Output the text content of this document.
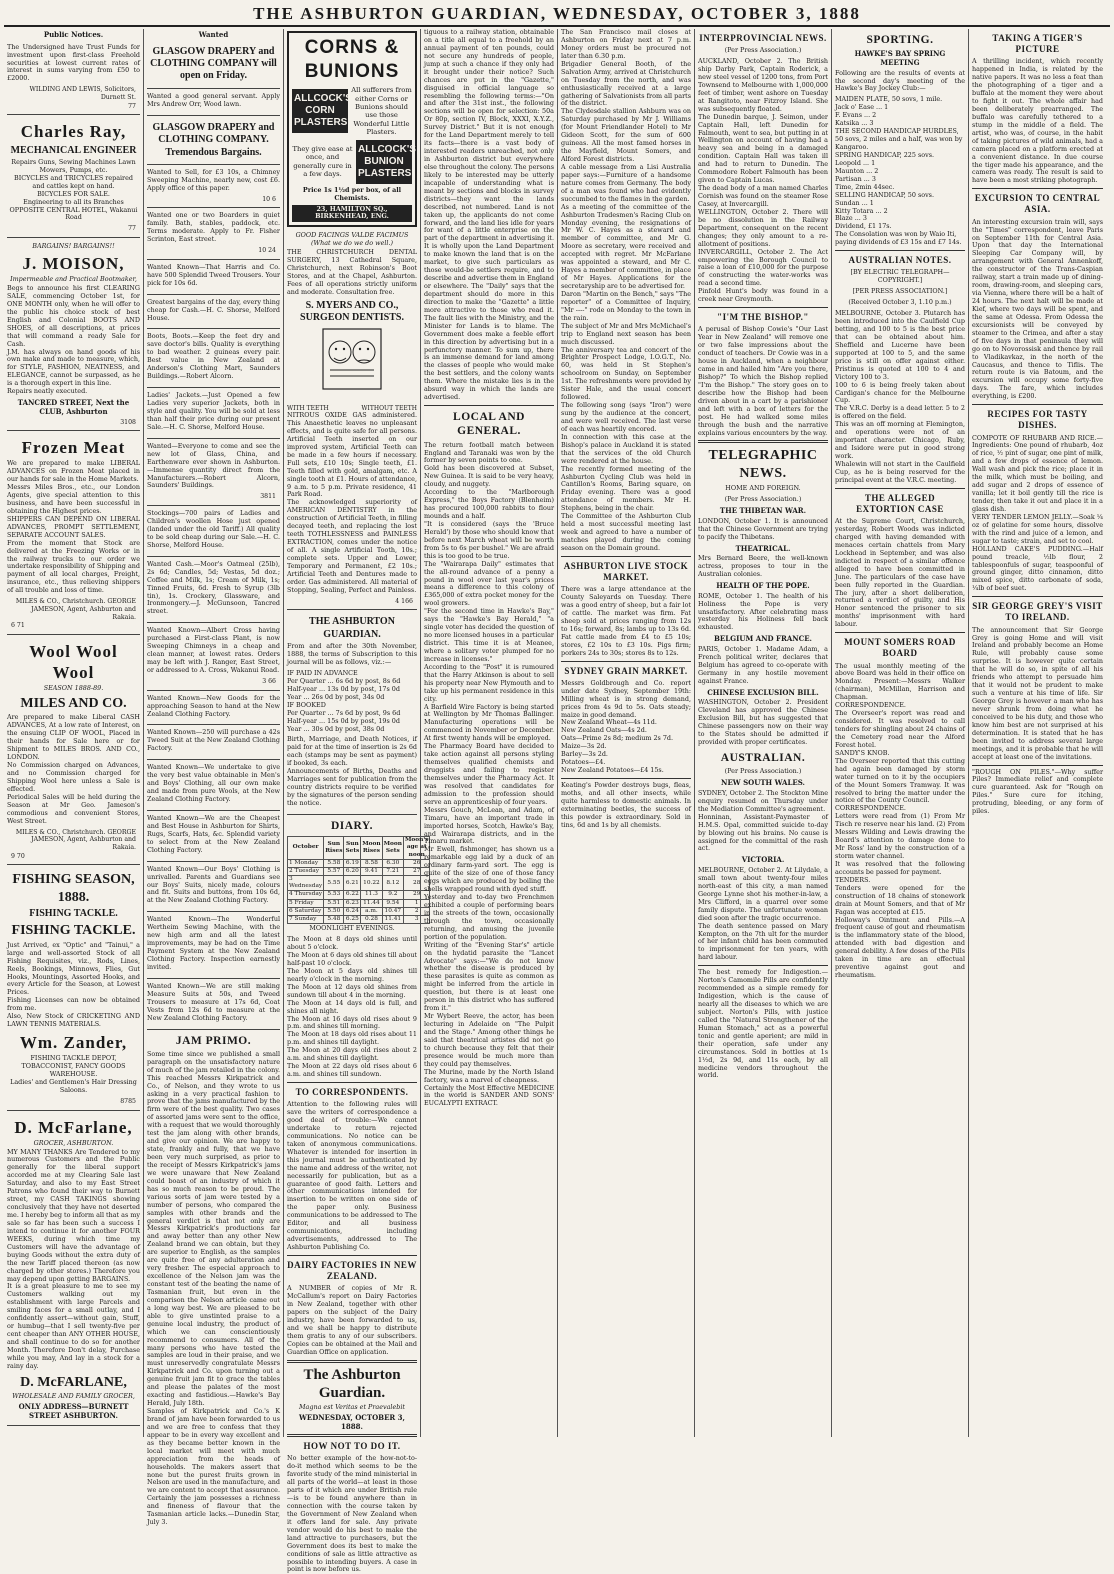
THE ASHBURTON GUARDIAN, WEDNESDAY, OCTOBER 3, 1888
Public Notices.
The Undersigned have Trust Funds for investment upon first-class Freehold securities at lowest current rates of interest in sums varying from £50 to £2000.
WILDING AND LEWIS, Solicitors, Durnett St.
77
Charles Ray,
MECHANICAL ENGINEER
Repairs Guns, Sewing Machines Lawn Mowers, Pumps, etc.
BICYCLES and TRICYCLES repaired and cattles kept on hand.
BICYCLES FOR SALE.
Engineering to all its Branches
OPPOSITE CENTRAL HOTEL, Wakanui Road
77
BARGAINS! BARGAINS!!
J. MOISON,
Impermeable and Practical Bootmaker,
Begs to announce his first CLEARING SALE, commencing October 1st, for ONE MONTH only, when he will offer to the public his choice stock of best English and Colonial BOOTS AND SHOES, of all descriptions, at prices that will command a ready Sale for Cash.
J.M. has always on hand goods of his own make and made to measure, which, for STYLE, FASHION, NEATNESS, and ELEGANCE, cannot be surpassed, as he is a thorough expert in this line.
Repairs neatly executed.
TANCRED STREET, Next the CLUB, Ashburton
3108
Frozen Meat
We are prepared to make LIBERAL ADVANCES on Frozen Meat placed in our hands for sale in the Home Markets.
Messrs Miles Bros., etc., our London Agents, give special attention to this business, and have been successful in obtaining the Highest prices.
SHIPPERS CAN DEPEND ON LIBERAL ADVANCES, PROMPT SETTLEMENT, SEPARATE ACCOUNT SALES.
From the moment that Stock are delivered at the Freezing Works or in the railway trucks to our order we undertake responsibility of Shipping and payment of all local charges, Freight, insurance, etc., thus relieving shippers of all trouble and loss of time.
MILES & CO., Christchurch. GEORGE JAMESON, Agent, Ashburton and Rakaia.
6 71
Wool Wool Wool
SEASON 1888-89.
MILES AND CO.
Are prepared to make Liberal CASH ADVANCES, At a low rate of Interest, on the ensuing CLIP OF WOOL, Placed in their hands for Sale here or for Shipment to MILES BROS. AND CO., LONDON.
No Commission charged on Advances, and no Commission charged for Shipping Wool here unless a Sale is effected.
Periodical Sales will be held during the Season at Mr Geo. Jameson's commodious and convenient Stores, West Street.
MILES & CO., Christchurch. GEORGE JAMESON, Agent, Ashburton and Rakaia.
9 70
FISHING SEASON, 1888.
FISHING TACKLE.
FISHING TACKLE.
Just Arrived, ex "Optic" and "Tainui," a large and well-assorted Stock of all Fishing Requisites, viz., Rods, Lines, Reels, Bookings, Minnows, Flies, Gut Hooks, Mountings, Assorted Hooks, and every Article for the Season, at Lowest Prices.
Fishing Licenses can now be obtained from me.
Also, New Stock of CRICKETING AND LAWN TENNIS MATERIALS.
Wm. Zander,
FISHING TACKLE DEPOT, TOBACCONIST, FANCY GOODS WAREHOUSE.
Ladies' and Gentlemen's Hair Dressing Saloons.
8785
D. McFarlane,
GROCER, ASHBURTON.
MY MANY THANKS Are Tendered to my numerous Customers and the Public generally for the liberal support accorded me at my Clearing Sale last Saturday, and also to my East Street Patrons who found their way to Burnett street, my CASH TAKINGS showing conclusively that they have not deserted me. I hereby beg to inform all that as my sale so far has been such a success I intend to continue it for another FOUR WEEKS, during which time my Customers will have the advantage of buying Goods without the extra duty of the new Tariff placed thereon (as now charged by other stores.) Therefore you may depend upon getting BARGAINS.
It is a great pleasure to me to see my Customers walking out my establishment with large Parcels and smiling faces for a small outlay, and I confidently assert—without gain, Stuff, or humbug—that I sell twenty-five per cent cheaper than ANY OTHER HOUSE, and shall continue to do so for another Month. Therefore Don't delay, Purchase while you may, And lay in a stock for a rainy day.
D. McFARLANE,
WHOLESALE AND FAMILY GROCER,
ONLY ADDRESS—BURNETT STREET ASHBURTON.
Wanted
GLASGOW DRAPERY and CLOTHING COMPANY will open on Friday.
Wanted a good general servant. Apply Mrs Andrew Orr, Wood lawn.
GLASGOW DRAPERY and CLOTHING COMPANY. Tremendous Bargains.
Wanted to Sell, for £3 10s, a Chimney Sweeping Machine, nearly new, cost £6. Apply office of this paper.
10 6
Wanted one or two Boarders in quiet family. Bath, stables, paddock, etc. Terms moderate. Apply to Fr. Fisher Scrinton, East street.
10 24
Wanted Known—That Harris and Co. have 500 Splendid Tweed Trousers. Your pick for 10s 6d.
Greatest bargains of the day, every thing cheap for Cash.—H. C. Shorse, Melford House.
Boots, Boots.—Keep the feet dry and save doctor's bills. Quality is everything to bad weather. 2 guineas every pair. Best value in New Zealand at Anderson's Clothing Mart, Saunders Buildings.—Robert Alcorn.
Ladies' Jackets.—Just Opened a few Ladies very superior Jackets, both in style and quality. You will be sold at less than half their price during our present Sale.—H. C. Shorse, Melford House.
Wanted—Everyone to come and see the new lot of Glass, China, and Earthenware ever shown in Ashburton.—Immense quantity direct from the Manufacturers.—Robert Alcorn, Saunders' Buildings.
3811
Stockings—700 pairs of Ladies and Children's woollen Hose just opened (landed under the old Tariff.) All quality to be sold cheap during our Sale.—H. C. Shorse, Melford House.
Wanted Cash.—Moor's Oatmeal (25lb), 2s 6d; Candles, 5d; Vestas, 5d doz.; Coffee and Milk, 1s; Cream of Milk, 1s; Tinned Fruits, 6d. Fresh to Syrup (3lb tin), 1s. Crockery, Glassware, and Ironmongery.—J. McGunsoon, Tancred street.
Wanted Known—Albert Cross having purchased a First-class Plant, is now Sweeping Chimneys in a cheap and clean manner, at lowest rates. Orders may be left with J. Ranger, East Street, or addressed to A. Cross, Wakanui Road.
3 66
Wanted Known—New Goods for the approaching Season to hand at the New Zealand Clothing Factory.
Wanted Known—250 will purchase a 42s Tweed Suit at the New Zealand Clothing Factory.
Wanted Known—We undertake to give the very best value obtainable in Men's and Boys' Clothing, all our own make and made from pure Wools, at the New Zealand Clothing Factory.
Wanted Known—We are the Cheapest and Best House in Ashburton for Shirts, Rugs, Scarfs, Hats, &c. Splendid variety to select from at the New Zealand Clothing Factory.
Wanted Known—Our Boys' Clothing is unrivalled. Parents and Guardians see our Boys' Suits, nicely made, colours and fit. Suits and buttons, from 10s 6d, at the New Zealand Clothing Factory.
Wanted Known—The Wonderful Wertheim Sewing Machine, with the new high arm and all the latest improvements, may be had on the Time Payment System at the New Zealand Clothing Factory. Inspection earnestly invited.
Wanted Known—We are still making Measure Suits at 50s, and Tweed Trousers to measure at 17s 6d, Coat Vests from 12s 6d to measure at the New Zealand Clothing Factory.
JAM PRIMO.
Some time since we published a small paragraph on the unsatisfactory nature of much of the jam retailed in the colony. This reached Messrs Kirkpatrick and Co., of Nelson, and they wrote to us asking in a very practical fashion to prove that the jams manufactured by the firm were of the best quality. Two cases of assorted jams were sent to the office, with a request that we would thoroughly test the jam along with other brands, and give our opinion. We are happy to state, frankly and fully, that we have been very much surprised, as prior to the receipt of Messrs Kirkpatrick's jams we were unaware that New Zealand could boast of an industry of which it has so much reason to be proud. The various sorts of jam were tested by a number of persons, who compared the samples with other brands and the general verdict is that not only are Messrs Kirkpatrick's productions far and away better than any other New Zealand brand we can obtain, but they are superior to English, as the samples are quite free of any adulteration and very fresher. The especial approach to excellence of the Nelson jam was the constant test of the beating the name of Tasmanian fruit, but even in the comparison the Nelson article came out a long way best. We are pleased to be able to give unstinted praise to a genuine local industry, the product of which we can conscientiously recommend to consumers. All of the many persons who have tested the samples are loud in their praise, and we must unreservedly congratulate Messrs Kirkpatrick and Co. upon turning out a genuine fruit jam fit to grace the tables and please the palates of the most exacting and fastidious.—Hawke's Bay Herald, July 18th.
Samples of Kirkpatrick and Co.'s K brand of jam have been forwarded to us and we are free to confess that they appear to be in every way excellent and as they became better known in the local market will meet with much appreciation from the heads of households. The makers assert that none but the purest fruits grown in Nelson are used in the manufacture, and we are content to accept that assurance. Certainly the jam possesses a richness and fineness of flavour that the Tasmanian article lacks.—Dunedin Star, July 3.
CORNS & BUNIONS
ALLCOCK'S CORN PLASTERS
All sufferers from either Corns or Bunions should use those Wonderful Little Plasters.
They give ease at once, and generally cure in a few days.
ALLCOCK'S BUNION PLASTERS
Price 1s 1½d per box, of all Chemists.
23, HAMILTON SQ., BIRKENHEAD, ENG.
GOOD FACINGS VALDE FACIMUS (What we do we do well.)
THE CHRISTCHURCH DENTAL SURGERY, 13 Cathedral Square, Christchurch, next Robinson's Boot Stores, and at the Chapel, Ashburton. Fees of all operations strictly uniform and moderate. Consultation free.
S. MYERS AND CO., SURGEON DENTISTS.
WITH TEETH	WITHOUT TEETH
NITROUS OXIDE GAS administered. This Anaesthetic leaves no unpleasant effects, and is quite safe for all persons. Artificial Teeth inserted on our improved system, Artificial Teeth can be made in a few hours if necessary. Full sets, £10 10s; Single teeth, £1. Teeth filled with gold, amalgam, etc. A single tooth at £1. Hours of attendance, 9 a.m. to 5 p.m. Private residence, 41 Park Road.
The acknowledged superiority of AMERICAN DENTISTRY in the construction of Artificial Teeth, in filling decayed teeth, and replacing the lost teeth TOTHLESSNESS and PAINLESS EXTRACTION, comes under the notice of all. A single Artificial Tooth, 10s.; complete sets. Upper and Lower, Temporary and Permanent, £2 10s.; Artificial Teeth and Dentures made to order. Gas administered. All material of Stopping, Sealing, Perfect and Painless.
4 166
THE ASHBURTON GUARDIAN.
From and after the 30th November, 1888, the terms of Subscription to this journal will be as follows, viz.:—
IF PAID IN ADVANCE
Per Quarter ... 6s 6d by post, 8s 6d
Half-year ... 13s 0d by post, 17s 0d
Year ... 26s 0d by post, 34s 0d
IF BOOKED
Per Quarter ... 7s 6d by post, 9s 6d
Half-year ... 15s 0d by post, 19s 0d
Year ... 30s 0d by post, 38s 0d
Birth, Marriage, and Death Notices, if paid for at the time of insertion is 2s 6d each (stamps may be sent as payment) if booked, 3s each.
Announcements of Births, Deaths and Marriages sent for publication from the country districts require to be verified by the signatures of the person sending the notice.
DIARY.
October	Sun Rises	Sun Sets	Moon Rises	Moon Sets	Moon's age at noon
1 Monday	5.58	6.19	8.58	6.30	26
2 Tuesday	5.57	6.20	9.41	7.21	27
3 Wednesday	5.55	6.21	10.22	8.12	28
4 Thursday	5.53	6.22	11.3	9.2	29
5 Friday	5.51	6.23	11.44	9.54	1
6 Saturday	5.50	6.24	a.m.	10.47	2
7 Sunday	5.48	6.25	0.28	11.41	3
MOONLIGHT EVENINGS.
The Moon at 8 days old shines until about 5 o'clock.
The Moon at 6 days old shines till about half-past 10 o'clock.
The Moon at 5 days old shines till nearly o'clock in the morning.
The Moon at 12 days old shines from sundown till about 4 in the morning.
The Moon at 14 days old is full, and shines all night.
The Moon at 16 days old rises about 9 p.m. and shines till morning.
The Moon at 18 days old rises about 11 p.m. and shines till daylight.
The Moon at 20 days old rises about 2 a.m. and shines till daylight.
The Moon at 22 days old rises about 6 a.m. and shines till sundown.
TO CORRESPONDENTS.
Attention to the following rules will save the writers of correspondence a good deal of trouble:—We cannot undertake to return rejected communications. No notice can be taken of anonymous communications. Whatever is intended for insertion in this journal must be authenticated by the name and address of the writer, not necessarily for publication, but as a guarantee of good faith. Letters and other communications intended for insertion to be written on one side of the paper only. Business communications to be addressed to The Editor, and all business communications, including advertisements, addressed to The Ashburton Publishing Co.
DAIRY FACTORIES IN NEW ZEALAND.
A NUMBER of copies of Mr R. McCallum's report on Dairy Factories in New Zealand, together with other papers on the subject of the Dairy industry, have been forwarded to us, and we shall be happy to distribute them gratis to any of our subscribers. Copies can be obtained at the Mail and Guardian Office on application.
The Ashburton Guardian.
Magna est Veritas et Praevalebit
WEDNESDAY, OCTOBER 3, 1888.
HOW NOT TO DO IT.
No better example of the how-not-to-do-it method which seems to be the favorite study of the mind ministerial in all parts of the world—at least in those parts of it which are under British rule—is to be found anywhere than in connection with the course taken by the Government of New Zealand when it offers land for sale. Any private vendor would do his best to make the land attractive to purchasers, but the Government does its best to make the conditions of sale as little attractive as possible to intending buyers. A case in point is now before us.
tiguous to a railway station, obtainable on a title all equal to a freehold by an annual payment of ten pounds, could not secure any hundreds of people, jump at such a chance if they only had it brought under their notice? Such chances are put in the "Gazette," disguised in official language so resembling the following terms:—"On and after the 31st inst., the following sections will be open for selection: 50a Or 80p, section IV, Block, XXXI, X.Y.Z., Survey District." But it is not enough for the Land Department merely to tell its facts—there is a vast body of interested readers unreached, not only in Ashburton district but everywhere else throughout the colony. The persons likely to be interested may be utterly incapable of understanding what is meant by sections and blocks in survey districts—they want the lands described, not numbered. Land is not taken up, the applicants do not come forward, and the land lies idle for years for want of a little enterprise on the part of the department in advertising it. It is wholly upon the Land Department to make known the land that is on the market, to give such particulars as those would-be settlers require, and to describe and advertise them in England or elsewhere. The "Daily" says that the department should do more in this direction to make the "Gazette" a little more attractive to those who read it. The fault lies with the Ministry, and the Minister for Lands is to blame. The Government does make a feeble effort in this direction by advertising but in a perfunctory manner. To sum up, there is an immense demand for land among the classes of people who would make the best settlers, and the colony wants them. Where the mistake lies is in the absurd way in which the lands are advertised.
LOCAL AND GENERAL.
The return football match between England and Taranaki was won by the former by seven points to one.
Gold has been discovered at Subset, New Guinea. It is said to be very heavy, cloudy, and nuggety.
According to the "Marlborough Express," the Boys Factory (Blenheim) has procured 100,000 rabbits to flour mounds and a half.
"It is considered (says the 'Bruce Herald') by those who should know that before next March wheat will be worth from 5s to 6s per bushel." We are afraid this is too good to be true.
The "Wairarapa Daily" estimates that the all-round advance of a penny a pound in wool over last year's prices means a difference to this colony of £365,000 of extra pocket money for the wool growers.
"For the second time in Hawke's Bay," says the "Hawke's Bay Herald," "a single voter has decided the question of no more licensed houses in a particular district. This time it is at Meanee, where a solitary voter plumped for no increase in licenses."
According to the "Post" it is rumoured that the Harry Atkinson is about to sell his property near New Plymouth and to take up his permanent residence in this city.
A Barfield Wire Factory is being started at Wellington by Mr Thomas Ballinger. Manufacturing operations will be commenced in November or December. At first twenty hands will be employed.
The Pharmacy Board have decided to take action against all persons styling themselves qualified chemists and druggists and failing to register themselves under the Pharmacy Act. It was resolved that candidates for admission to the profession should serve an apprenticeship of four years.
Messrs Gouch, McLean, and Adam, of Timaru, have an important trade in imported horses, Scotch, Hawke's Bay, and Wairarapa districts, and in the Timaru market.
Mr Ewell, fishmonger, has shown us a remarkable egg laid by a duck of an ordinary farm-yard sort. The egg is quite of the size of one of those fancy eggs which are produced by boiling the shells wrapped round with dyed stuff.
Yesterday and to-day two Frenchmen exhibited a couple of performing bears in the streets of the town, occasionally through the town, occasionally returning, and amusing the juvenile portion of the population.
Writing of the "Evening Star's" article on the hydatid parasite the "Lancet Advocate" says:—"We do not know whether the disease is produced by these parasites is quite as common as might be inferred from the article in question, but there is at least one person in this district who has suffered from it."
Mr Wybert Reeve, the actor, has been lecturing in Adelaide on "The Pulpit and the Stage." Among other things he said that theatrical artistes did not go to church because they felt that their presence would be much more than they could pay themselves.
The Murine, made by the North Island factory, was a marvel of cheapness.
Certainly the Most Effective MEDICINE in the world is SANDER AND SONS' EUCALYPTI EXTRACT.
The San Francisco mail closes at Ashburton on Friday next at 7 p.m. Money orders must be procured not later than 6.30 p.m.
Brigadier General Booth, of the Salvation Army, arrived at Christchurch on Tuesday from the north, and was enthusiastically received at a large gathering of Salvationists from all parts of the district.
The Clydesdale stallion Ashburn was on Saturday purchased by Mr J. Williams (for Mount Friendlander Hotel) to Mr Gideon Scott, for the sum of 600 guineas. All the most famed horses in the Mayfield, Mount Somers, and Alford Forest districts.
A cable message from a Lisi Australia paper says:—Furniture of a handsome nature comes from Germany. The body of a man was found who had evidently succumbed to the flames in the garden.
As a meeting of the committee of the Ashburton Tradesmen's Racing Club on Monday evening, the resignations of Mr W. C. Hayes as a steward and member of committee, and Mr G. Moore as secretary, were received and accepted with regret. Mr McFarlane was appointed a steward, and Mr C. Hayes a member of committee, in place of Mr Hayes. Applications for the secretaryship are to be advertised for.
Daron "Martin on the Bench," says "The reporter" of a Committee of Inquiry, "Mr ----" rode on Monday to the town in the rain.
The subject of Mr and Mrs McMichael's trip to England next season has been much discussed.
The anniversary tea and concert of the Brighter Prospect Lodge, I.O.G.T., No. 60, was held in St Stephen's schoolroom on Sunday, on September 1st. The refreshments were provided by Sister Hale, and the usual concert followed.
The following song (says "Iron") were sung by the audience at the concert, and were well received. The last verse of each was heartily encored.
In connection with this case at the Bishop's palace in Auckland it is stated that the services of the old Church were rendered at the house.
The recently formed meeting of the Ashburton Cycling Club was held in Cantillon's Rooms, Baring square, on Friday evening. There was a good attendance of members. Mr H. Stephens, being in the chair.
The Committee of the Ashburton Club held a most successful meeting last week and agreed to have a number of matches played during the coming season on the Domain ground.
ASHBURTON LIVE STOCK MARKET.
There was a large attendance at the County Saleyards on Tuesday. There was a good entry of sheep, but a fair lot of cattle. The market was firm. Fat sheep sold at prices ranging from 12s to 16s; forward, 8s; lambs up to 13s 6d. Fat cattle made from £4 to £5 10s; stores, £2 10s to £3 10s. Pigs firm; porkers 24s to 30s; stores 8s to 12s.
SYDNEY GRAIN MARKET.
Messrs Goldbrough and Co. report under date Sydney, September 19th: Milling wheat is in strong demand, prices from 4s 9d to 5s. Oats steady; maize in good demand.
New Zealand Wheat—4s 11d.
New Zealand Oats—4s 2d.
Oats—Prime 2s 8d; medium 2s 7d.
Maize—3s 2d.
Barley—3s 2d.
Potatoes—£4.
New Zealand Potatoes—£4 15s.
Keating's Powder destroys bugs, fleas, moths, and all other insects, while quite harmless to domestic animals. In exterminating beetles, the success of this powder is extraordinary. Sold in tins, 6d and 1s by all chemists.
INTERPROVINCIAL NEWS.
(Per Press Association.)
AUCKLAND, October 2. The British ship Darby Park, Captain Roderick, a new steel vessel of 1200 tons, from Port Townsend to Melbourne with 1,000,000 feet of timber, went ashore on Tuesday at Rangitoto, near Fitzroy Island. She was subsequently floated.
The Dunedin barque, J. Seimon, under Captain Hall, left Dunedin for Falmouth, went to sea, but putting in at Wellington on account of having had a heavy sea and being in a damaged condition. Captain Hall was taken ill and had to return to Dunedin. The Commodore Robert Falmouth has been given to Captain Lucas.
The dead body of a man named Charles Cornish was found on the steamer Rose Casey, at Invercargill.
WELLINGTON, October 2. There will be no dissolution in the Railway Department, consequent on the recent changes; they only amount to a re-allotment of positions.
INVERCARGILL, October 2. The Act empowering the Borough Council to raise a loan of £10,000 for the purpose of constructing the water-works was read a second time.
Pinfold Hunt's body was found in a creek near Greymouth.
"I'M THE BISHOP."
A perusal of Bishop Cowie's "Our Last Year in New Zealand" will remove one or two false impressions about the conduct of teachers. Dr Cowie was in a house in Auckland, when a neighbour came in and hailed him "Are you there, Bishop?" To which the Bishop replied "I'm the Bishop." The story goes on to describe how the Bishop had been driven about in a cart by a parishioner and left with a box of letters for the post. He had walked some miles through the bush and the narrative explains various encounters by the way.
TELEGRAPHIC NEWS.
HOME AND FOREIGN.
(Per Press Association.)
THE THIBETAN WAR.
LONDON, October 1. It is announced that the Chinese Government are trying to pacify the Thibetans.
THEATRICAL.
Mrs Bernard Beere, the well-known actress, proposes to tour in the Australian colonies.
HEALTH OF THE POPE.
ROME, October 1. The health of his Holiness the Pope is very unsatisfactory. After celebrating mass yesterday his Holiness fell back exhausted.
BELGIUM AND FRANCE.
PARIS, October 1. Madame Adam, a French political writer, declares that Belgium has agreed to co-operate with Germany in any hostile movement against France.
CHINESE EXCLUSION BILL.
WASHINGTON, October 2. President Cleveland has approved the Chinese Exclusion Bill, but has suggested that Chinese passengers now on their way to the States should be admitted if provided with proper certificates.
AUSTRALIAN.
(Per Press Association.)
NEW SOUTH WALES.
SYDNEY, October 2. The Stockton Mine enquiry resumed on Thursday under the Mediation Committee's agreement.
Honninan, Assistant-Paymaster of H.M.S. Opal, committed suicide to-day by blowing out his brains. No cause is assigned for the committal of the rash act.
VICTORIA.
MELBOURNE, October 2. At Lilydale, a small town about twenty-four miles north-east of this city, a man named George Lynne shot his mother-in-law, a Mrs Clifford, in a quarrel over some family dispute. The unfortunate woman died soon after the tragic occurrence.
The death sentence passed on Mary Kempton, on the 7th ult for the murder of her infant child has been commuted to imprisonment for ten years, with hard labour.
The best remedy for Indigestion.—Norton's Camomile Pills are confidently recommended as a simple remedy for Indigestion, which is the cause of nearly all the diseases to which we are subject. Norton's Pills, with justice called the "Natural Strengthener of the Human Stomach," act as a powerful tonic and gentle aperient; are mild in their operation, safe under any circumstances. Sold in bottles at 1s 1½d, 2s 9d, and 11s each, by all medicine vendors throughout the world.
SPORTING.
HAWKE'S BAY SPRING MEETING
Following are the results of events at the second day's meeting of the Hawke's Bay Jockey Club:—
MAIDEN PLATE, 50 sovs, 1 mile.
Jack o' Ease ... 1
F. Evans ... 2
Katsika ... 3
THE SECOND HANDICAP HURDLES, 50 sovs, 2 miles and a half, was won by Kangaroo.
SPRING HANDICAP, 225 sovs.
Leopold ... 1
Maunton ... 2
Partisan ... 3
Time, 2min 44sec.
SELLING HANDICAP, 50 sovs.
Sundan ... 1
Kitty Totara ... 2
Blaze ... 3
Dividend, £1 17s.
The Consolation was won by Waio Iti, paying dividends of £3 15s and £7 14s.
AUSTRALIAN NOTES.
[BY ELECTRIC TELEGRAPH—COPYRIGHT.]
[PER PRESS ASSOCIATION.]
(Received October 3, 1.10 p.m.)
MELBOURNE, October 3. Plutarch has been introduced into the Caulfield Cup betting, and 100 to 5 is the best price that can be obtained about him. Sheffield and Lucerne have been supported at 100 to 5, and the same price is still on offer against either. Pristinus is quoted at 100 to 4 and Victory 100 to 3.
100 to 6 is being freely taken about Cardigan's chance for the Melbourne Cup.
The V.R.C. Derby is a dead letter. 5 to 2 is offered on the field.
This was an off morning at Flemington, and operations were not of an important character. Chicago, Ruby, and Isidore were put in good strong work.
Whalewin will not start in the Caulfield Cup, as he is being reserved for the principal event at the V.R.C. meeting.
THE ALLEGED EXTORTION CASE
At the Supreme Court, Christchurch, yesterday, Robert Woods was indicted charged with having demanded with menaces certain chattels from Mary Lockhead in September, and was also indicted in respect of a similar offence alleged to have been committed in June. The particulars of the case have been fully reported in the Guardian. The jury, after a short deliberation, returned a verdict of guilty, and His Honor sentenced the prisoner to six months' imprisonment with hard labour.
MOUNT SOMERS ROAD BOARD
The usual monthly meeting of the above Board was held in their office on Monday. Present:—Messrs Walker (chairman), McMillan, Harrison and Chapman.
CORRESPONDENCE.
The Overseer's report was read and considered. It was resolved to call tenders for shingling about 24 chains of the Cemetery road near the Alford Forest hotel.
SANDY'S KNOB.
The Overseer reported that this cutting had again been damaged by storm water turned on to it by the occupiers of the Mount Somers Tramway. It was resolved to bring the matter under the notice of the County Council.
CORRESPONDENCE.
Letters were read from (1) From Mr Tisch re reserve near his land. (2) From Messrs Wilding and Lewis drawing the Board's attention to damage done to Mr Ross' land by the construction of a storm water channel.
It was resolved that the following accounts be passed for payment.
TENDERS.
Tenders were opened for the construction of 18 chains of stonework drain at Mount Somers, and that of Mr Fagan was accepted at £15.
Holloway's Ointment and Pills.—A frequent cause of gout and rheumatism is the inflammatory state of the blood, attended with bad digestion and general debility. A few doses of the Pills taken in time are an effectual preventive against gout and rheumatism.
TAKING A TIGER'S PICTURE
A thrilling incident, which recently happened in India, is related by the native papers. It was no less a feat than the photographing of a tiger and a buffalo at the moment they were about to fight it out. The whole affair had been deliberately prearranged. The buffalo was carefully tethered to a stump in the middle of a field. The artist, who was, of course, in the habit of taking pictures of wild animals, had a camera placed on a platform erected at a convenient distance. In due course the tiger made his appearance, and the camera was ready. The result is said to have been a most striking photograph.
EXCURSION TO CENTRAL ASIA.
An interesting excursion train will, says the "Times" correspondent, leave Paris on September 11th for Central Asia. Upon that day the International Sleeping Car Company will, by arrangement with General Annenkoff, the constructor of the Trans-Caspian railway, start a train made up of dining-room, drawing-room, and sleeping cars, via Vienna, where there will be a halt of 24 hours. The next halt will be made at Kief, where two days will be spent, and the same at Odessa. From Odessa the excursionists will be conveyed by steamer to the Crimea, and after a stay of five days in that peninsula they will go on to Novorossisk and thence by rail to Vladikavkaz, in the north of the Caucasus, and thence to Tiflis. The return route is via Batoum, and the excursion will occupy some forty-five days. The fare, which includes everything, is £200.
RECIPES FOR TASTY DISHES.
COMPOTE OF RHUBARB AND RICE.—Ingredients: One pound of rhubarb, 4oz of rice, ½ pint of sugar, one pint of milk, and a few drops of essence of lemon. Wall wash and pick the rice; place it in the milk, which must be boiling, and add sugar and 2 drops of essence of vanilla; let it boil gently till the rice is tender, then take it out and place it in a glass dish.
VERY TENDER LEMON JELLY.—Soak ¼ oz of gelatine for some hours, dissolve with the rind and juice of a lemon, and sugar to taste; strain, and set to cool.
HOLLAND CAKE'S PUDDING.—Half pound treacle, ½lb flour, 2 tablespoonfuls of sugar, teaspoonful of ground ginger, ditto cinnamon, ditto mixed spice, ditto carbonate of soda, ¼lb of beef suet.
SIR GEORGE GREY'S VISIT TO IRELAND.
The announcement that Sir George Grey is going Home and will visit Ireland and probably become an Home Rule, will probably cause some surprise. It is however quite certain that he will do so, in spite of all his friends who attempt to persuade him that it would not be prudent to make such a venture at his time of life. Sir George Grey is however a man who has never shrunk from doing what he conceived to be his duty, and those who know him best are not surprised at his determination. It is stated that he has been invited to address several large meetings, and it is probable that he will accept at least one of the invitations.
"ROUGH ON PILES."—Why suffer Piles? Immediate relief and complete cure guaranteed. Ask for "Rough on Piles." Sure cure for itching, protruding, bleeding, or any form of piles.
